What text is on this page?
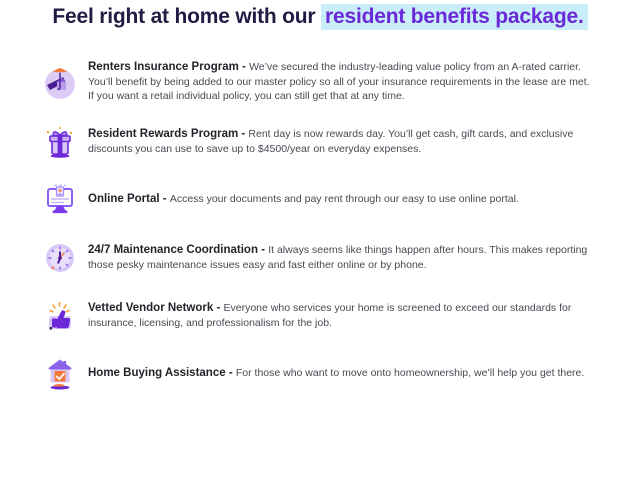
Feel right at home with our resident benefits package.

Renters Insurance Program - We’ve secured the industry-leading value policy from an A-rated carrier. You’ll benefit by being added to our master policy so all of your insurance requirements in the lease are met. If you want a retail individual policy, you can still get that at any time.

Resident Rewards Program - Rent day is now rewards day. You’ll get cash, gift cards, and exclusive discounts you can use to save up to $4500/year on everyday expenses.

Online Portal - Access your documents and pay rent through our easy to use online portal.

24/7 Maintenance Coordination - It always seems like things happen after hours. This makes reporting those pesky maintenance issues easy and fast either online or by phone.

Vetted Vendor Network - Everyone who services your home is screened to exceed our standards for insurance, licensing, and professionalism for the job.

Home Buying Assistance - For those who want to move onto homeownership, we’ll help you get there.
